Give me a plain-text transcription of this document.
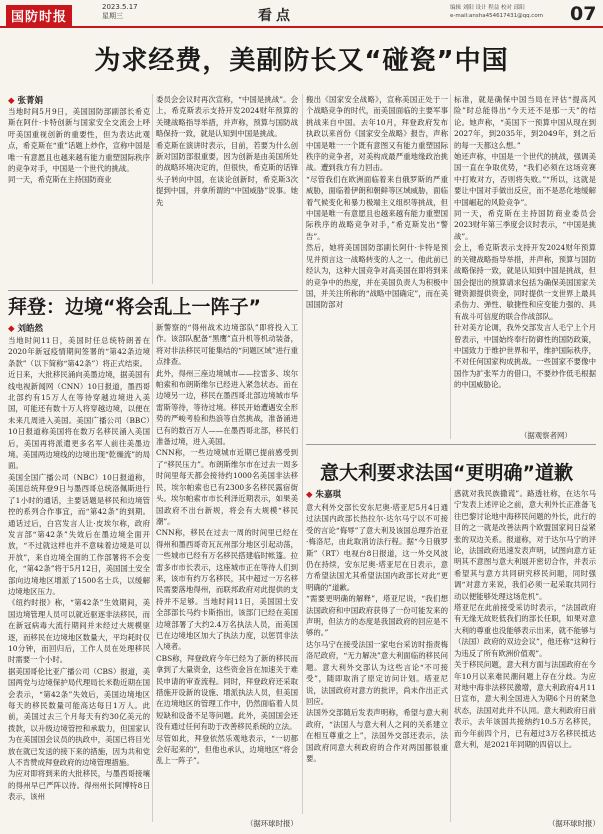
国防时报
2023.5.17
星期三	看点	编辑 刘阳 设计 程益 校对 邱阳
e-mail:ansha454617431@qq.com 07
为求经费，美副防长又“碰瓷”中国
◆ 张菁娟
当地时间5月9日，美国国防部副部长希克斯在阿什·卡特创新与国家安全交流会上呼吁美国重视创新的重要性，但为表达此观点，希克斯在“重”话题上炒作，宣称中国是唯一有意愿且也越来越有能力重塑国际秩序的竞争对手，中国是一个世代的挑战。
同一天，希克斯在主持国防商业
委员会会议时再次宣称，“中国是挑战”。会上，希克斯表示支持开发2024财年预算的关键战略指导举措，并声称，预算与国防战略保持一致，就是认知到中国是挑战。
希克斯在演讲时表示，目前，若要为什么创新对国防部很重要，因为创新是由美国所处的战略环境决定的，但很快，希克斯的话锋头子转向中国，在谈论创新时，希克斯3次提到中国，并拿所谓的“中国威胁”说事。她先
搬出《国家安全战略》，宣称美国正处于一个战略竞争的时代，而美国面临的主要军事挑战来自中国。去年10月，拜登政府发布执政以来首份《国家安全战略》报告，声称中国是唯一一个既有意图又有能力重塑国际秩序的竞争者，对美构成最严重地缘政治挑战。遭到我方有力回击。
“尽管我们在欧洲面临着来自俄罗斯的严重威胁，面临着伊朗和朝鲜等区域威胁，面临着气候变化和暴力极端主义组织等挑战，但中国是唯一有意愿且也越来越有能力重塑国际秩序的战略竞争对手，”希克斯发出“警告”。
然后，她将美国国防部副长阿什·卡特是预见并预言这一战略转变的人之一。他此前已经认为，这种大国竞争对高美国在即将到来的竞争中的热度，并在美国负责人为积极中国，并关注所称的“战略中国确定”，而在美国国防部对
标准，就是确保中国当局在评估“提高风险”时总能得出“今天还不是那一天”的结论。她声称，“美国下一预算中国从现在到2027年，到2035年，到2049年，到之后的每一天都这么想。”
她还声称，中国是一个世代的挑战，强调美国一直在争取优势，“我们必须在这场竞赛中打败对方，否则将失败。”“所以，这就是要让中国对手做出反应，而不是恶化地缓解中国崛起的风险竞争”。
同一天，希克斯在主持国防商业委员会2023财年第三季度会议时表示，“中国是挑战”。
会上，希克斯表示支持开发2024财年预算的关键战略指导举措，并声称，预算与国防战略保持一致，就是认知到中国是挑战，但国会提出的预算请求包括为确保美国国家关键资源提供资金，同时提供一支世界上最具杀伤力、弹性、敏捷性和应变能力强的、具有战斗可信度的联合作战部队。
针对美方论调，我外交部发言人毛宁上个月曾表示，中国始终奉行防御性的国防政策，中国致力于维护世界和平，维护国际秩序，不对任何国家构成挑战。一些国家不要像中国作为扩张军力的借口，不要炒作低毛根据的中国威胁论。
（据观察者网）
拜登：边境“将会乱上一阵子”
◆ 刘皓然
当地时间11日，美国时任总统特朗普在2020年新冠疫情期间签署的“第42条边境条款”（以下简称“第42条”）将正式结束。
近日来，大批移民涌向美墨边境，据美国有线电视新闻网（CNN）10日报道，墨西哥北部约有15万人在等待穿越边境进入美国，可能还有数十万人将穿越边境，以便在未来几周进入美国。美国广播公司（BBC）10日报道称美国将在数万名移民涌入美国后，美国再将派遣更多名军人前往美墨边境。美国两边境线的边境出现“乾燥流”的局面。
美国全国广播公司（NBC）10日报道称，美国总统拜登9日与墨西哥总统洛佩斯进行了1小时的通话，主要话题是移民和边境管控的系列合作事宜，而“第42条”的到期。通话过后，白宫发言人让·皮埃尔称，政府发言部“第42条”失效后在墨边境全面开放，“不过就这样也并不意味着边境是可以开放”，来自边境全面的工作部署将不会变化，“第42条”将于5月12日，美国国土安全部向边境地区增派了1500名士兵，以缓解边境地区压力。
《纽约时报》称，“第42条”生效期间，美国边境管理人员可以就近驱逐非法移民，而在新冠病毒大流行期间并未经过大规模驱逐，而移民在边境地区数量大，平均耗时仅10分钟，而回归后，工作人员在处理移民时需要一个小时。
据美国哥伦比亚广播公司（CBS）报道，美国两党与边境保护局代理局长米勒近期在国会表示，“第42条”失效后，美国边境地区每天的移民数量可能高达每日1万人。此前，美国过去三个月每天有约30亿美元的拨款，以升级边境管控和承载力，但国家认为在美国国会议员的执政中，美国已将目光放在就已发送的接下来的措施，因为共和党人不肯赞成拜登政府的边境管理措施。
为应对即将到来的大批移民，与墨西哥接壤的得州早已严阵以待。得州州长阿博特8日表示，该州
新警察的“得州战术边境部队”即将投入工作。该部队配备“黑鹰”直升机等机动装备，将对非法移民可能集结的“问题区域”进行重点排查。
此外，得州三座边境城市——拉雷多、埃尔帕索和布朗斯维尔已经进入紧急状态。而在边境另一边，移民在墨西哥北部边境城市华雷斯等待，等待过境。移民开始遭遇安全形势的严峻考验和热浪等自然挑战，准备涌进已有的数百万人——在墨西哥北部，移民们准备过境，进入美国。
CNN称，一些边境城市近期已提前感受到了“移民压力”。布朗斯维尔市在过去一周多时间里每天都会接待约1000名美国非法移民，埃尔帕索也已有2300多名移民露宿街头。埃尔帕索市市长利泽近期表示，如果美国政府不出台新规，将会有大规模“移民潮”。
CNN称，移民在过去一周的时间里已经在得州和墨西哥奇瓦瓦州部分地区引起动荡，一些城市已经有万名移民搭建临时帐篷。拉雷多市市长表示，这座城市正在等待人们到来，该市有约万名移民，其中超过一万名移民需要落地得州，而联邦政府对此提供的支持并不足够。当地时间11日，美国国土安全部部长马约卡斯指出，该部门已经在美国边境部署了大约2.4万名执法人员，而美国已在边境地区加大了执法力度，以惩罚非法入境者。
CBS称，拜登政府今年已经为了新的移民而拿到了大量资金，这些资金旨在加速关于难民申请的审查流程。同时，拜登政府还采取措施开设新的设施、增派执法人员，但美国在边境地区的管理工作中，仍然面临着人员短缺和设备不足等问题。此外，美国国会还没有通过任何有助于改善移民系统的立法。
尽管如此，拜登依然乐观地表示，“一切都会好起来的”，但他也承认，边境地区“将会乱上一阵子”。
（据环球时报）
意大利要求法国“更明确”道歉
◆ 朱嘉琪
意大利外交部长安东尼奥·塔亚尼5月4日通过法国内政部长热拉尔·达尔马宁以不可接受的言论“侮辱”了意大利及该国总理乔治亚·梅洛尼，由此取消访法行程。据“今日俄罗斯”（RT）电视台8日报道，这一外交风波仍在持续，安东尼奥·塔亚尼在日表示，意方希望法国尤其希望法国内政部长对此“更明确的”道歉。
“需要更明确的解释”，塔亚尼说，“我们想法国政府和中国政府获得了一份可能发来的声明，但法方的态度是我国政府的回应是不够的。”
达尔马宁在接受法国一家电台采访时指责梅洛尼政府，“无力解决”意大利面临的移民问题。意大利外交部认为这些言论“不可接受”，随即取消了原定访问计划。塔亚尼说，法国政府对意方的批评，尚未作出正式回应。
法国外交部随后发表声明称，希望与意大利政府，“法国人与意大利人之间的关系建立在相互尊重之上”，法国外交部还表示，法国政府同意大利政府的合作对两国都很重要。
惑就对我民族撒谎”。路透社称，在达尔马宁发表上述评论之前，意大利外长正准备飞往巴黎讨论地中海移民问题的外长，此行的目的之一就是改善法两个欧盟国家间日益紧张的双边关系。报道称，对于达尔马宁的评论，法国政府迅速发表声明，试图向意方证明其不意图与意大利展开密切合作，并表示希望其与意方共同研究移民问题，同时强调“对意方来说，我们必须一起采取共同行动以便能够处理这场危机”。
塔亚尼在此前接受采访时表示，“法国政府有无缘无故贬低我们的部长任职，如果对意大利的尊重也没能够表示出来，就不能够与（法国）政府的双边会议”，他还称“这种行为违反了所有欧洲价值观”。
关于移民问题，意大利方面与法国政府在今年10月以来难民潮问题上存在分歧。为应对地中海非法移民激增，意大利政府4月11日宣布，意大利全国进入为期6个月的紧急状态，法国对此并不认同。意大利政府日前表示，去年该国共接纳约10.5万名移民，而今年前四个月，已有超过3万名移民抵达意大利，是2021年同期的四倍以上。
（据环球时报）
